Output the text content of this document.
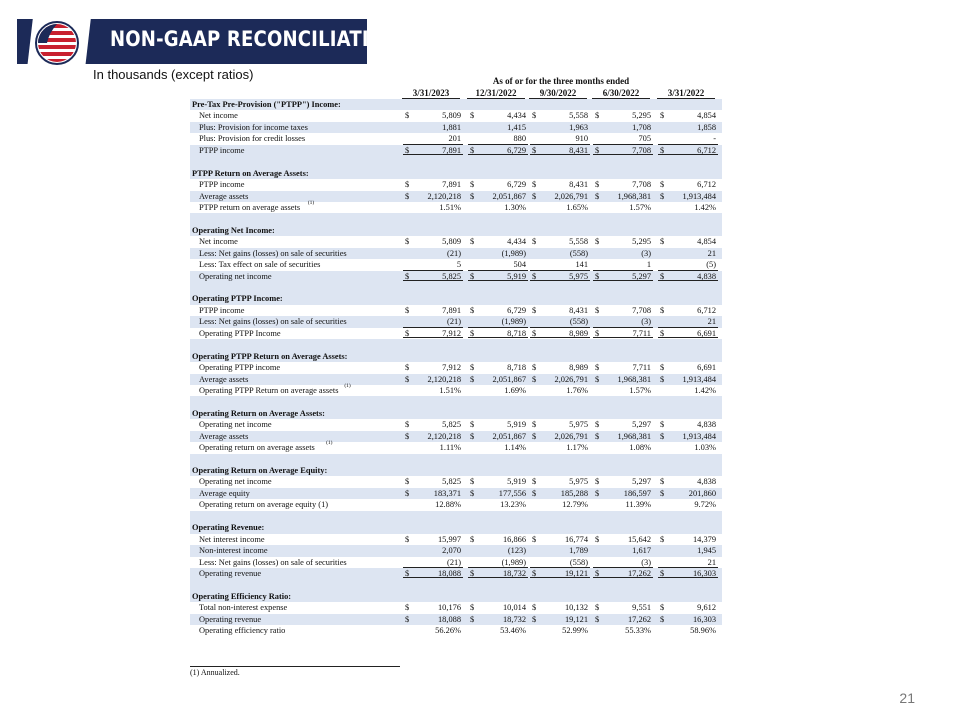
NON-GAAP RECONCILIATION
In thousands (except ratios)	As of or for the three months ended
3/31/2023	12/31/2022	9/30/2022	6/30/2022	3/31/2022
Pre-Tax Pre-Provision ("PTPP") Income:
Net income	$	5,809 $	4,434 $	5,558 $	5,295 $	4,854
Plus: Provision for income taxes	1,881	1,415	1,963	1,708	1,858
Plus: Provision for credit losses	201	880	910	705	-
PTPP income	$	7,891 $	6,729 $	8,431 $	7,708 $	6,712
PTPP Return on Average Assets:
PTPP income	$	7,891 $	6,729 $	8,431 $	7,708 $	6,712
Average assets	$	2,120,218 $	2,051,867 $	2,026,791 $	1,968,381 $	1,913,484
PTPP return on average assets (1)	1.51%	1.30%	1.65%	1.57%	1.42%
Operating Net Income:
Net income	$	5,809 $	4,434 $	5,558 $	5,295 $	4,854
Less: Net gains (losses) on sale of securities	(21)	(1,989)	(558)	(3)	21
Less: Tax effect on sale of securities	5	504	141	1	(5)
Operating net income	$	5,825 $	5,919 $	5,975 $	5,297 $	4,838
Operating PTPP Income:
PTPP income	$	7,891 $	6,729 $	8,431 $	7,708 $	6,712
Less: Net gains (losses) on sale of securities	(21)	(1,989)	(558)	(3)	21
Operating PTPP Income	$	7,912 $	8,718 $	8,989 $	7,711 $	6,691
Operating PTPP Return on Average Assets:
Operating PTPP income	$	7,912 $	8,718 $	8,989 $	7,711 $	6,691
Average assets	$	2,120,218 $	2,051,867 $	2,026,791 $	1,968,381 $	1,913,484
Operating PTPP Return on average assets (1)	1.51%	1.69%	1.76%	1.57%	1.42%
Operating Return on Average Assets:
Operating net income	$	5,825 $	5,919 $	5,975 $	5,297 $	4,838
Average assets	$	2,120,218 $	2,051,867 $	2,026,791 $	1,968,381 $	1,913,484
Operating return on average assets (1)	1.11%	1.14%	1.17%	1.08%	1.03%
Operating Return on Average Equity:
Operating net income	$	5,825 $	5,919 $	5,975 $	5,297 $	4,838
Average equity	$	183,371 $	177,556 $	185,288 $	186,597 $	201,860
Operating return on average equity (1)	12.88%	13.23%	12.79%	11.39%	9.72%
Operating Revenue:
Net interest income	$	15,997 $	16,866 $	16,774 $	15,642 $	14,379
Non-interest income	2,070	(123)	1,789	1,617	1,945
Less: Net gains (losses) on sale of securities	(21)	(1,989)	(558)	(3)	21
Operating revenue	$	18,088 $	18,732 $	19,121 $	17,262 $	16,303
Operating Efficiency Ratio:
Total non-interest expense	$	10,176 $	10,014 $	10,132 $	9,551 $	9,612
Operating revenue	$	18,088 $	18,732 $	19,121 $	17,262 $	16,303
Operating efficiency ratio	56.26%	53.46%	52.99%	55.33%	58.96%
(1) Annualized.
21
